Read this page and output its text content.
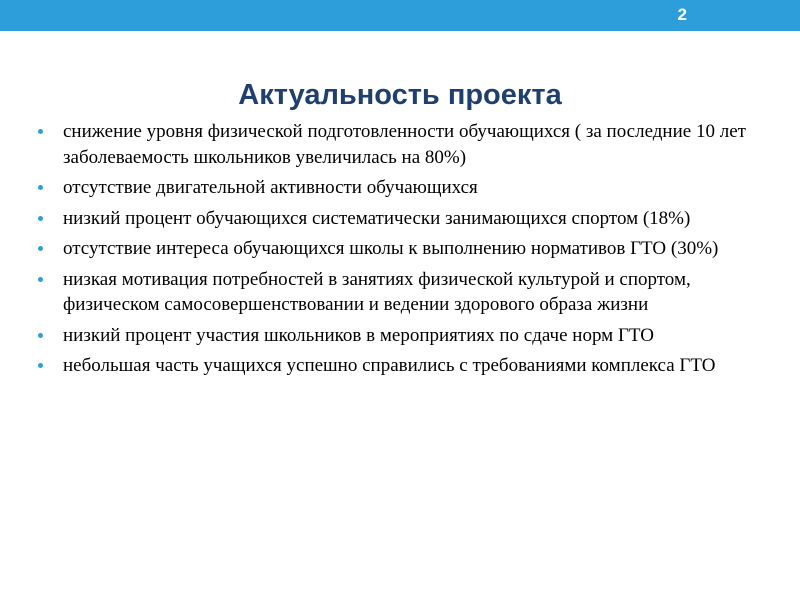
2
Актуальность проекта
снижение уровня физической подготовленности обучающихся ( за последние 10 лет заболеваемость школьников увеличилась на 80%)
отсутствие двигательной активности обучающихся
низкий процент обучающихся систематически занимающихся спортом (18%)
отсутствие интереса обучающихся школы к выполнению нормативов ГТО (30%)
низкая мотивация потребностей в занятиях физической культурой и спортом, физическом самосовершенствовании и ведении здорового образа жизни
низкий процент участия школьников в мероприятиях по сдаче норм ГТО
небольшая часть учащихся успешно справились с требованиями комплекса ГТО
